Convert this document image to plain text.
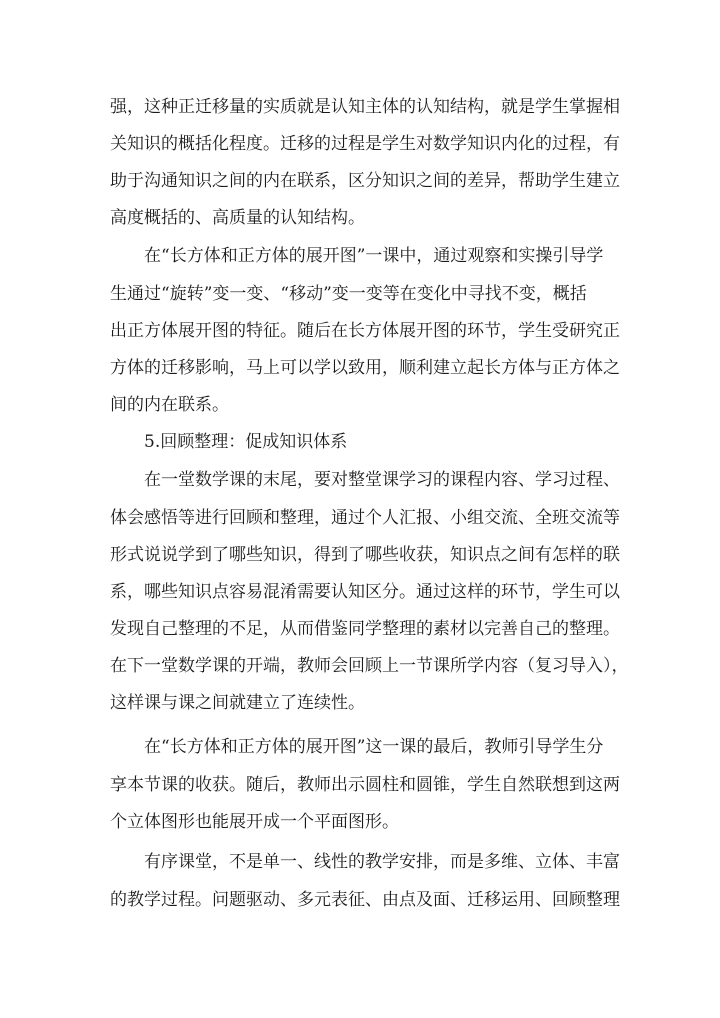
强，这种正迁移量的实质就是认知主体的认知结构，就是学生掌握相
关知识的概括化程度。迁移的过程是学生对数学知识内化的过程，有
助于沟通知识之间的内在联系，区分知识之间的差异，帮助学生建立
高度概括的、高质量的认知结构。
在“长方体和正方体的展开图”一课中，通过观察和实操引导学
生通过“旋转”变一变、“移动”变一变等在变化中寻找不变，概括
出正方体展开图的特征。随后在长方体展开图的环节，学生受研究正
方体的迁移影响，马上可以学以致用，顺利建立起长方体与正方体之
间的内在联系。
5.回顾整理：促成知识体系
在一堂数学课的末尾，要对整堂课学习的课程内容、学习过程、
体会感悟等进行回顾和整理，通过个人汇报、小组交流、全班交流等
形式说说学到了哪些知识，得到了哪些收获，知识点之间有怎样的联
系，哪些知识点容易混淆需要认知区分。通过这样的环节，学生可以
发现自己整理的不足，从而借鉴同学整理的素材以完善自己的整理。
在下一堂数学课的开端，教师会回顾上一节课所学内容（复习导入），
这样课与课之间就建立了连续性。
在“长方体和正方体的展开图”这一课的最后，教师引导学生分
享本节课的收获。随后，教师出示圆柱和圆锥，学生自然联想到这两
个立体图形也能展开成一个平面图形。
有序课堂，不是单一、线性的教学安排，而是多维、立体、丰富
的教学过程。问题驱动、多元表征、由点及面、迁移运用、回顾整理
